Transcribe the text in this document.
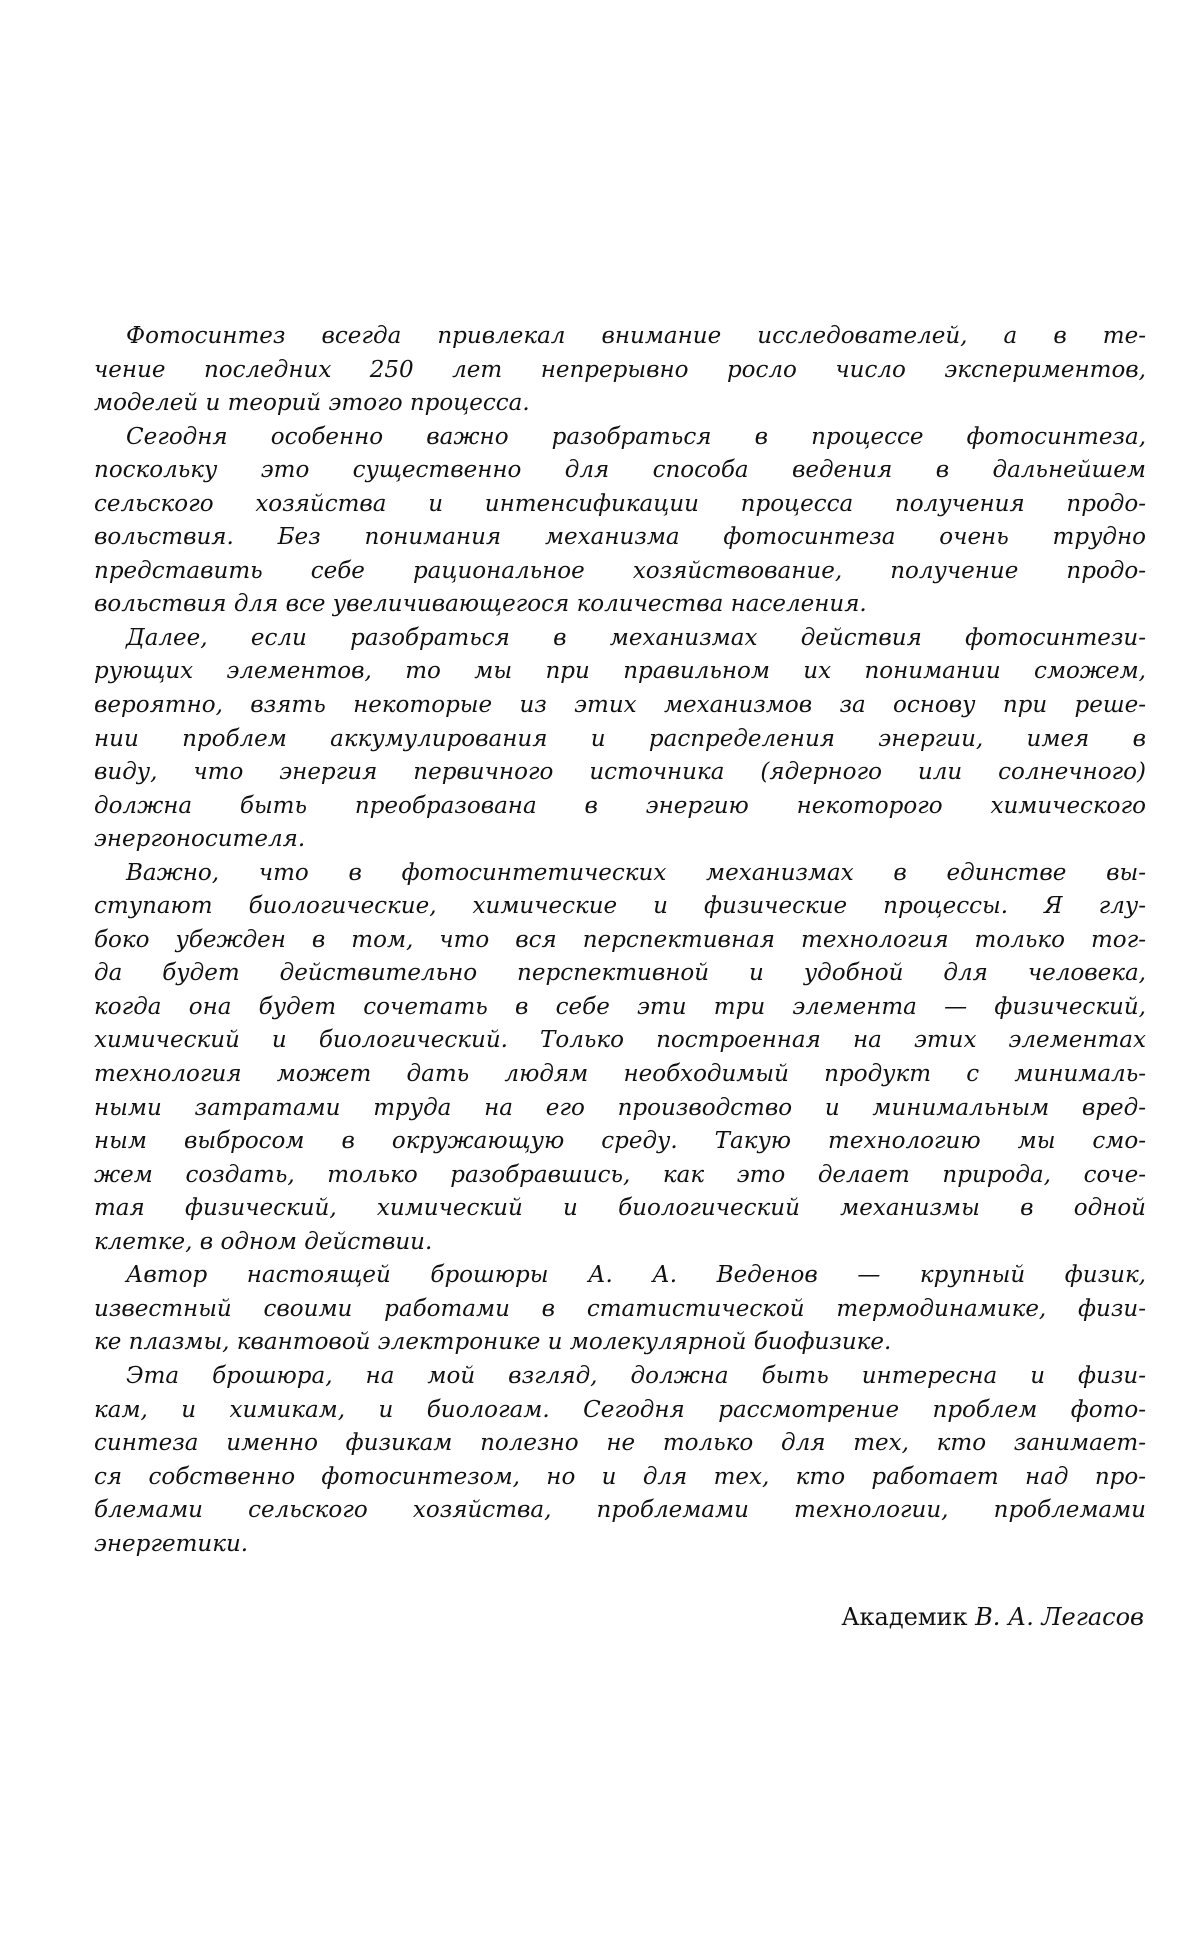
Фотосинтез всегда привлекал внимание исследователей, а в те-
чение последних 250 лет непрерывно росло число экспериментов,
моделей и теорий этого процесса.
Сегодня особенно важно разобраться в процессе фотосинтеза,
поскольку это существенно для способа ведения в дальнейшем
сельского хозяйства и интенсификации процесса получения продо-
вольствия. Без понимания механизма фотосинтеза очень трудно
представить себе рациональное хозяйствование, получение продо-
вольствия для все увеличивающегося количества населения.
Далее, если разобраться в механизмах действия фотосинтези-
рующих элементов, то мы при правильном их понимании сможем,
вероятно, взять некоторые из этих механизмов за основу при реше-
нии проблем аккумулирования и распределения энергии, имея в
виду, что энергия первичного источника (ядерного или солнечного)
должна быть преобразована в энергию некоторого химического
энергоносителя.
Важно, что в фотосинтетических механизмах в единстве вы-
ступают биологические, химические и физические процессы. Я глу-
боко убежден в том, что вся перспективная технология только тог-
да будет действительно перспективной и удобной для человека,
когда она будет сочетать в себе эти три элемента — физический,
химический и биологический. Только построенная на этих элементах
технология может дать людям необходимый продукт с минималь-
ными затратами труда на его производство и минимальным вред-
ным выбросом в окружающую среду. Такую технологию мы смо-
жем создать, только разобравшись, как это делает природа, соче-
тая физический, химический и биологический механизмы в одной
клетке, в одном действии.
Автор настоящей брошюры А. А. Веденов — крупный физик,
известный своими работами в статистической термодинамике, физи-
ке плазмы, квантовой электронике и молекулярной биофизике.
Эта брошюра, на мой взгляд, должна быть интересна и физи-
кам, и химикам, и биологам. Сегодня рассмотрение проблем фото-
синтеза именно физикам полезно не только для тех, кто занимает-
ся собственно фотосинтезом, но и для тех, кто работает над про-
блемами сельского хозяйства, проблемами технологии, проблемами
энергетики.
Академик В. А. Легасов
